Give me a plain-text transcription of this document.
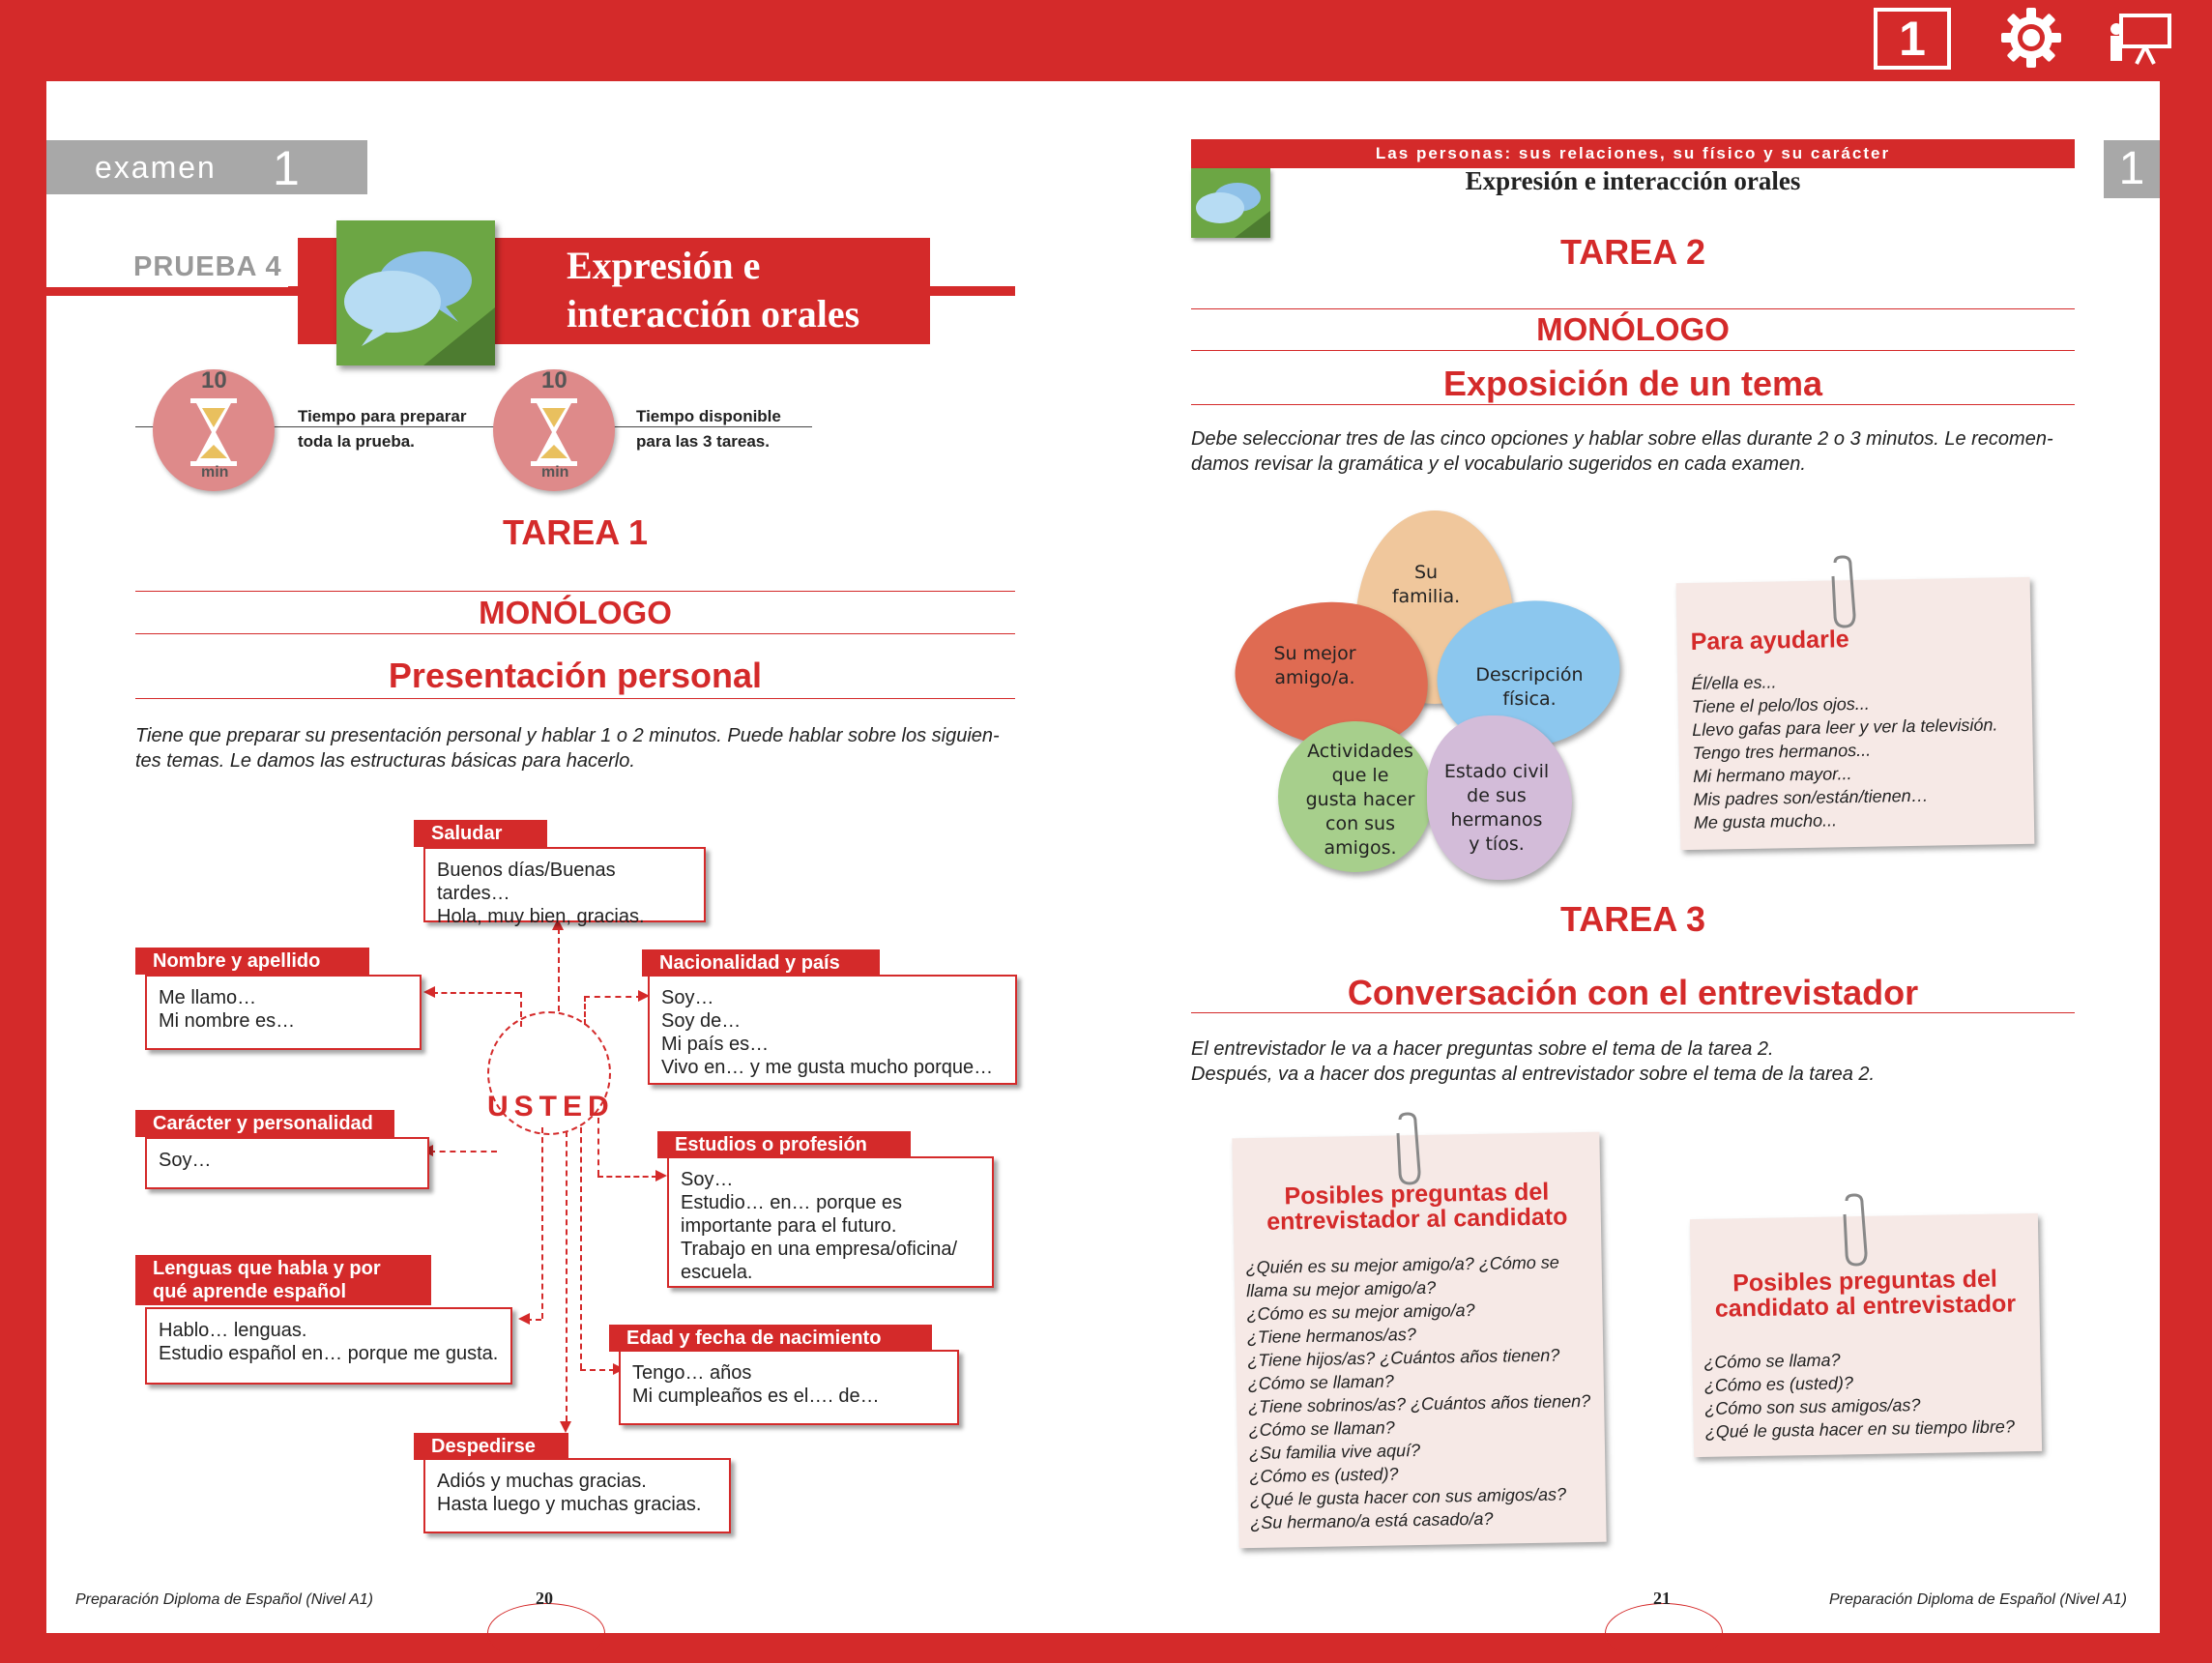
1
examen 1
PRUEBA 4	Expresión e
interacción orales
10
min
Tiempo para preparar
toda la prueba.
10
min
Tiempo disponible
para las 3 tareas.
TAREA 1
MONÓLOGO
Presentación personal
Tiene que preparar su presentación personal y hablar 1 o 2 minutos. Puede hablar sobre los siguien-
tes temas. Le damos las estructuras básicas para hacerlo.
USTED
Buenos días/Buenas tardes…
Hola, muy bien, gracias.
Saludar
Me llamo…
Mi nombre es…
Nombre y apellido
Soy…
Soy de…
Mi país es…
Vivo en… y me gusta mucho porque…
Nacionalidad y país
Soy…
Carácter y personalidad
Soy…
Estudio… en… porque es
importante para el futuro.
Trabajo en una empresa/oficina/
escuela.
Estudios o profesión
Hablo… lenguas.
Estudio español en… porque me gusta.
Lenguas que habla y por
qué aprende español
Tengo… años
Mi cumpleaños es el…. de…
Edad y fecha de nacimiento
Adiós y muchas gracias.
Hasta luego y muchas gracias.
Despedirse
Preparación Diploma de Español (Nivel A1)	20
1
Las personas: sus relaciones, su físico y su carácter
Expresión e interacción orales
TAREA 2
MONÓLOGO
Exposición de un tema
Debe seleccionar tres de las cinco opciones y hablar sobre ellas durante 2 o 3 minutos. Le recomen-
damos revisar la gramática y el vocabulario sugeridos en cada examen.
Su
familia.
Su mejor
amigo/a.	Descripción
física.
Actividades
que le
gusta hacer
con sus
amigos.
Estado civil
de sus
hermanos
y tíos.
Para ayudarle
Él/ella es...
Tiene el pelo/los ojos...
Llevo gafas para leer y ver la televisión.
Tengo tres hermanos...
Mi hermano mayor...
Mis padres son/están/tienen…
Me gusta mucho...
TAREA 3
Conversación con el entrevistador
El entrevistador le va a hacer preguntas sobre el tema de la tarea 2.
Después, va a hacer dos preguntas al entrevistador sobre el tema de la tarea 2.
Posibles preguntas del
entrevistador al candidato
¿Quién es su mejor amigo/a? ¿Cómo se
llama su mejor amigo/a?
¿Cómo es su mejor amigo/a?
¿Tiene hermanos/as?
¿Tiene hijos/as? ¿Cuántos años tienen?
¿Cómo se llaman?
¿Tiene sobrinos/as? ¿Cuántos años tienen?
¿Cómo se llaman?
¿Su familia vive aquí?
¿Cómo es (usted)?
¿Qué le gusta hacer con sus amigos/as?
¿Su hermano/a está casado/a?
Posibles preguntas del
candidato al entrevistador
¿Cómo se llama?
¿Cómo es (usted)?
¿Cómo son sus amigos/as?
¿Qué le gusta hacer en su tiempo libre?
Preparación Diploma de Español (Nivel A1)
21
